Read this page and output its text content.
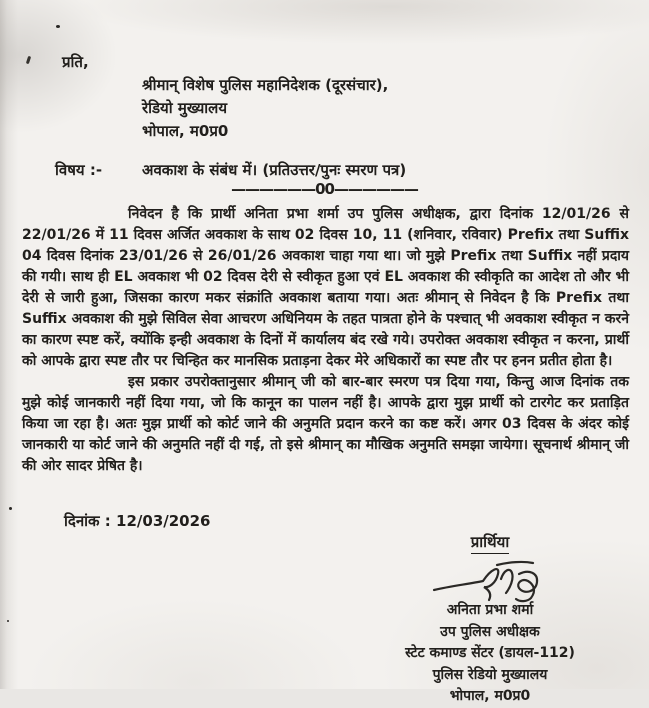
प्रति,
श्रीमान् विशेष पुलिस महानिदेशक (दूरसंचार),
रेडियो मुख्यालय
भोपाल, म0प्र0
विषय :-	अवकाश के संबंध में। (प्रतिउत्तर/पुनः स्मरण पत्र)
——————00——————

निवेदन है कि प्रार्थी अनिता प्रभा शर्मा उप पुलिस अधीक्षक, द्वारा दिनांक 12/01/26 से 22/01/26 में 11 दिवस अर्जित अवकाश के साथ 02 दिवस 10, 11 (शनिवार, रविवार) Prefix तथा Suffix 04 दिवस दिनांक 23/01/26 से 26/01/26 अवकाश चाहा गया था। जो मुझे Prefix तथा Suffix नहीं प्रदाय की गयी। साथ ही EL अवकाश भी 02 दिवस देरी से स्वीकृत हुआ एवं EL अवकाश की स्वीकृति का आदेश तो और भी देरी से जारी हुआ, जिसका कारण मकर संक्रांति अवकाश बताया गया। अतः श्रीमान् से निवेदन है कि Prefix तथा Suffix अवकाश की मुझे सिविल सेवा आचरण अधिनियम के तहत पात्रता होने के पश्चात् भी अवकाश स्वीकृत न करने का कारण स्पष्ट करें, क्योंकि इन्ही अवकाश के दिनों में कार्यालय बंद रखे गये। उपरोक्त अवकाश स्वीकृत न करना, प्रार्थी को आपके द्वारा स्पष्ट तौर पर चिन्हित कर मानसिक प्रताड़ना देकर मेरे अधिकारों का स्पष्ट तौर पर हनन प्रतीत होता है।

इस प्रकार उपरोक्तानुसार श्रीमान् जी को बार-बार स्मरण पत्र दिया गया, किन्तु आज दिनांक तक मुझे कोई जानकारी नहीं दिया गया, जो कि कानून का पालन नहीं है। आपके द्वारा मुझ प्रार्थी को टारगेट कर प्रताड़ित किया जा रहा है। अतः मुझ प्रार्थी को कोर्ट जाने की अनुमति प्रदान करने का कष्ट करें। अगर 03 दिवस के अंदर कोई जानकारी या कोर्ट जाने की अनुमति नहीं दी गई, तो इसे श्रीमान् का मौखिक अनुमति समझा जायेगा। सूचनार्थ श्रीमान् जी की ओर सादर प्रेषित है।

दिनांक : 12/03/2026
प्रार्थिया
अनिता प्रभा शर्मा
उप पुलिस अधीक्षक
स्टेट कमाण्ड सेंटर (डायल-112)
पुलिस रेडियो मुख्यालय
भोपाल, म0प्र0
